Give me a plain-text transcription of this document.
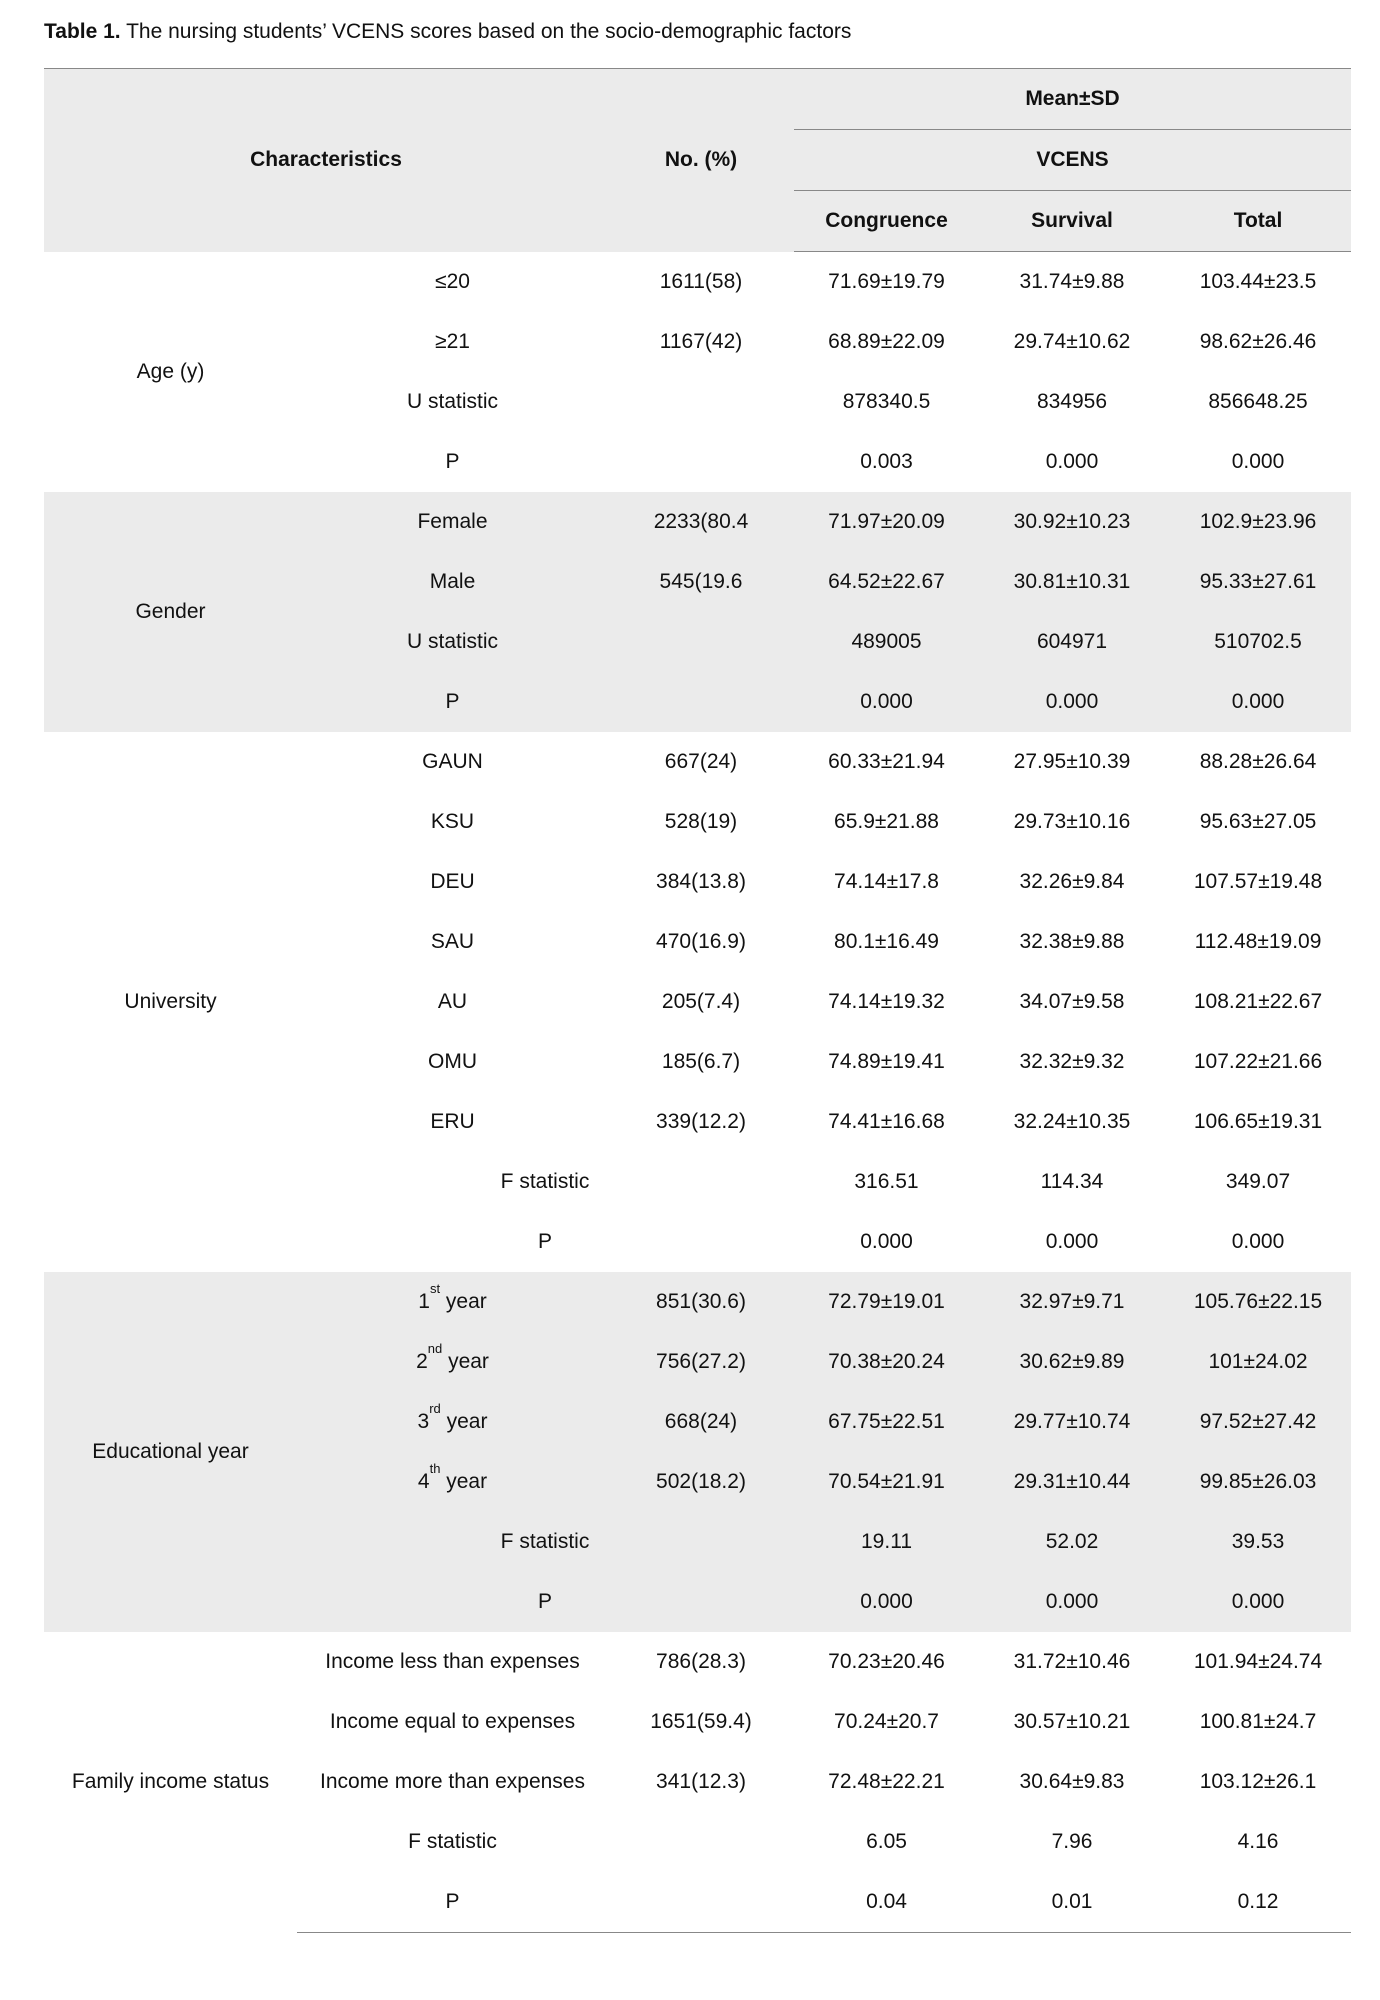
Table 1. The nursing students’ VCENS scores based on the socio-demographic factors
Characteristics		No. (%)	Mean±SD		
			VCENS		
			Congruence	Survival	Total
Age (y)	≤20	1611(58)	71.69±19.79	31.74±9.88	103.44±23.5
	≥21	1167(42)	68.89±22.09	29.74±10.62	98.62±26.46
	U statistic		878340.5	834956	856648.25
	P		0.003	0.000	0.000
Gender	Female	2233(80.4	71.97±20.09	30.92±10.23	102.9±23.96
	Male	545(19.6	64.52±22.67	30.81±10.31	95.33±27.61
	U statistic		489005	604971	510702.5
	P		0.000	0.000	0.000
University	GAUN	667(24)	60.33±21.94	27.95±10.39	88.28±26.64
	KSU	528(19)	65.9±21.88	29.73±10.16	95.63±27.05
	DEU	384(13.8)	74.14±17.8	32.26±9.84	107.57±19.48
	SAU	470(16.9)	80.1±16.49	32.38±9.88	112.48±19.09
	AU	205(7.4)	74.14±19.32	34.07±9.58	108.21±22.67
	OMU	185(6.7)	74.89±19.41	32.32±9.32	107.22±21.66
	ERU	339(12.2)	74.41±16.68	32.24±10.35	106.65±19.31
	F statistic		316.51	114.34	349.07
	P		0.000	0.000	0.000
Educational year	1st year	851(30.6)	72.79±19.01	32.97±9.71	105.76±22.15
	2nd year	756(27.2)	70.38±20.24	30.62±9.89	101±24.02
	3rd year	668(24)	67.75±22.51	29.77±10.74	97.52±27.42
	4th year	502(18.2)	70.54±21.91	29.31±10.44	99.85±26.03
	F statistic		19.11	52.02	39.53
	P		0.000	0.000	0.000
Family income status	Income less than expenses	786(28.3)	70.23±20.46	31.72±10.46	101.94±24.74
	Income equal to expenses	1651(59.4)	70.24±20.7	30.57±10.21	100.81±24.7
	Income more than expenses	341(12.3)	72.48±22.21	30.64±9.83	103.12±26.1
	F statistic		6.05	7.96	4.16
	P		0.04	0.01	0.12
